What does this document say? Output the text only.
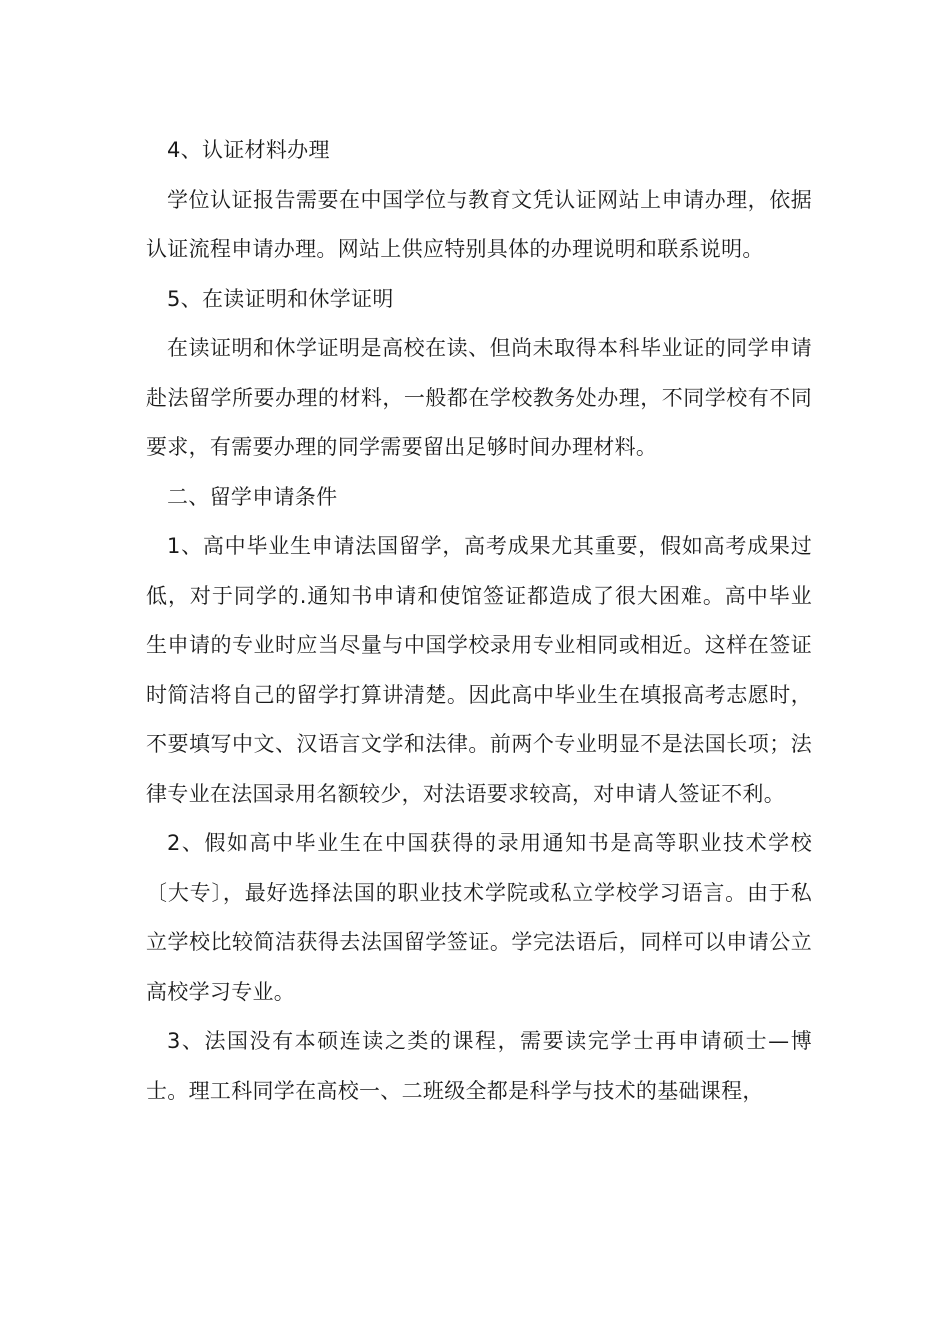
4、认证材料办理

学位认证报告需要在中国学位与教育文凭认证网站上申请办理，依据认证流程申请办理。网站上供应特别具体的办理说明和联系说明。

5、在读证明和休学证明

在读证明和休学证明是高校在读、但尚未取得本科毕业证的同学申请赴法留学所要办理的材料，一般都在学校教务处办理，不同学校有不同要求，有需要办理的同学需要留出足够时间办理材料。

二、留学申请条件

1、高中毕业生申请法国留学，高考成果尤其重要，假如高考成果过低，对于同学的.通知书申请和使馆签证都造成了很大困难。高中毕业生申请的专业时应当尽量与中国学校录用专业相同或相近。这样在签证时简洁将自己的留学打算讲清楚。因此高中毕业生在填报高考志愿时，不要填写中文、汉语言文学和法律。前两个专业明显不是法国长项；法律专业在法国录用名额较少，对法语要求较高，对申请人签证不利。

2、假如高中毕业生在中国获得的录用通知书是高等职业技术学校〔大专〕，最好选择法国的职业技术学院或私立学校学习语言。由于私立学校比较简洁获得去法国留学签证。学完法语后，同样可以申请公立高校学习专业。

3、法国没有本硕连读之类的课程，需要读完学士再申请硕士—博士。理工科同学在高校一、二班级全都是科学与技术的基础课程，
